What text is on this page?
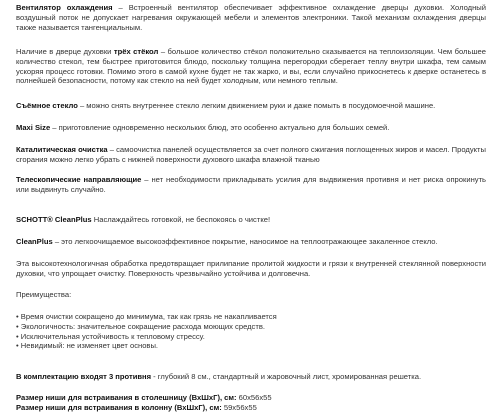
Вентилятор охлаждения – Встроенный вентилятор обеспечивает эффективное охлаждение дверцы духовки. Холодный воздушный поток не допускает нагревания окружающей мебели и элементов электроники. Такой механизм охлаждения дверцы также называется тангенциальным.

Наличие в дверце духовки трёх стёкол – большое количество стёкол положительно сказывается на теплоизоляции. Чем большее количество стекол, тем быстрее приготовится блюдо, поскольку толщина перегородки сберегает теплу внутри шкафа, тем самым ускоряя процесс готовки. Помимо этого в самой кухне будет не так жарко, и вы, если случайно прикоснетесь к дверке останетесь в полнейшей безопасности, потому как стекло на ней будет холодным, или немного теплым.

Съёмное стекло – можно снять внутреннее стекло легким движением руки и даже помыть в посудомоечной машине.

Maxi Size – приготовление одновременно нескольких блюд, это особенно актуально для больших семей.

Каталитическая очистка – самоочистка панелей осуществляется за счет полного сжигания поглощенных жиров и масел. Продукты сгорания можно легко убрать с нижней поверхности духового шкафа влажной тканью

Телескопические направляющие – нет необходимости прикладывать усилия для выдвижения противня и нет риска опрокинуть или выдвинуть случайно.

SCHOTT® CleanPlus Наслаждайтесь готовкой, не беспокоясь о чистке!

CleanPlus – это легкоочищаемое высокоэффективное покрытие, наносимое на теплоотражающее закаленное стекло.

Эта высокотехнологичная обработка предотвращает прилипание пролитой жидкости и грязи к внутренней стеклянной поверхности духовки, что упрощает очистку. Поверхность чрезвычайно устойчива и долговечна.

Преимущества:

• Время очистки сокращено до минимума, так как грязь не накапливается
• Экологичность: значительное сокращение расхода моющих средств.
• Исключительная устойчивость к тепловому стрессу.
• Невидимый: не изменяет цвет основы.

В комплектацию входят 3 противня - глубокий 8 см., стандартный и жаровочный лист, хромированная решетка.

Размер ниши для встраивания в столешницу (ВхШхГ), см: 60х56х55

Размер ниши для встраивания в колонну (ВхШхГ), см: 59х56х55
